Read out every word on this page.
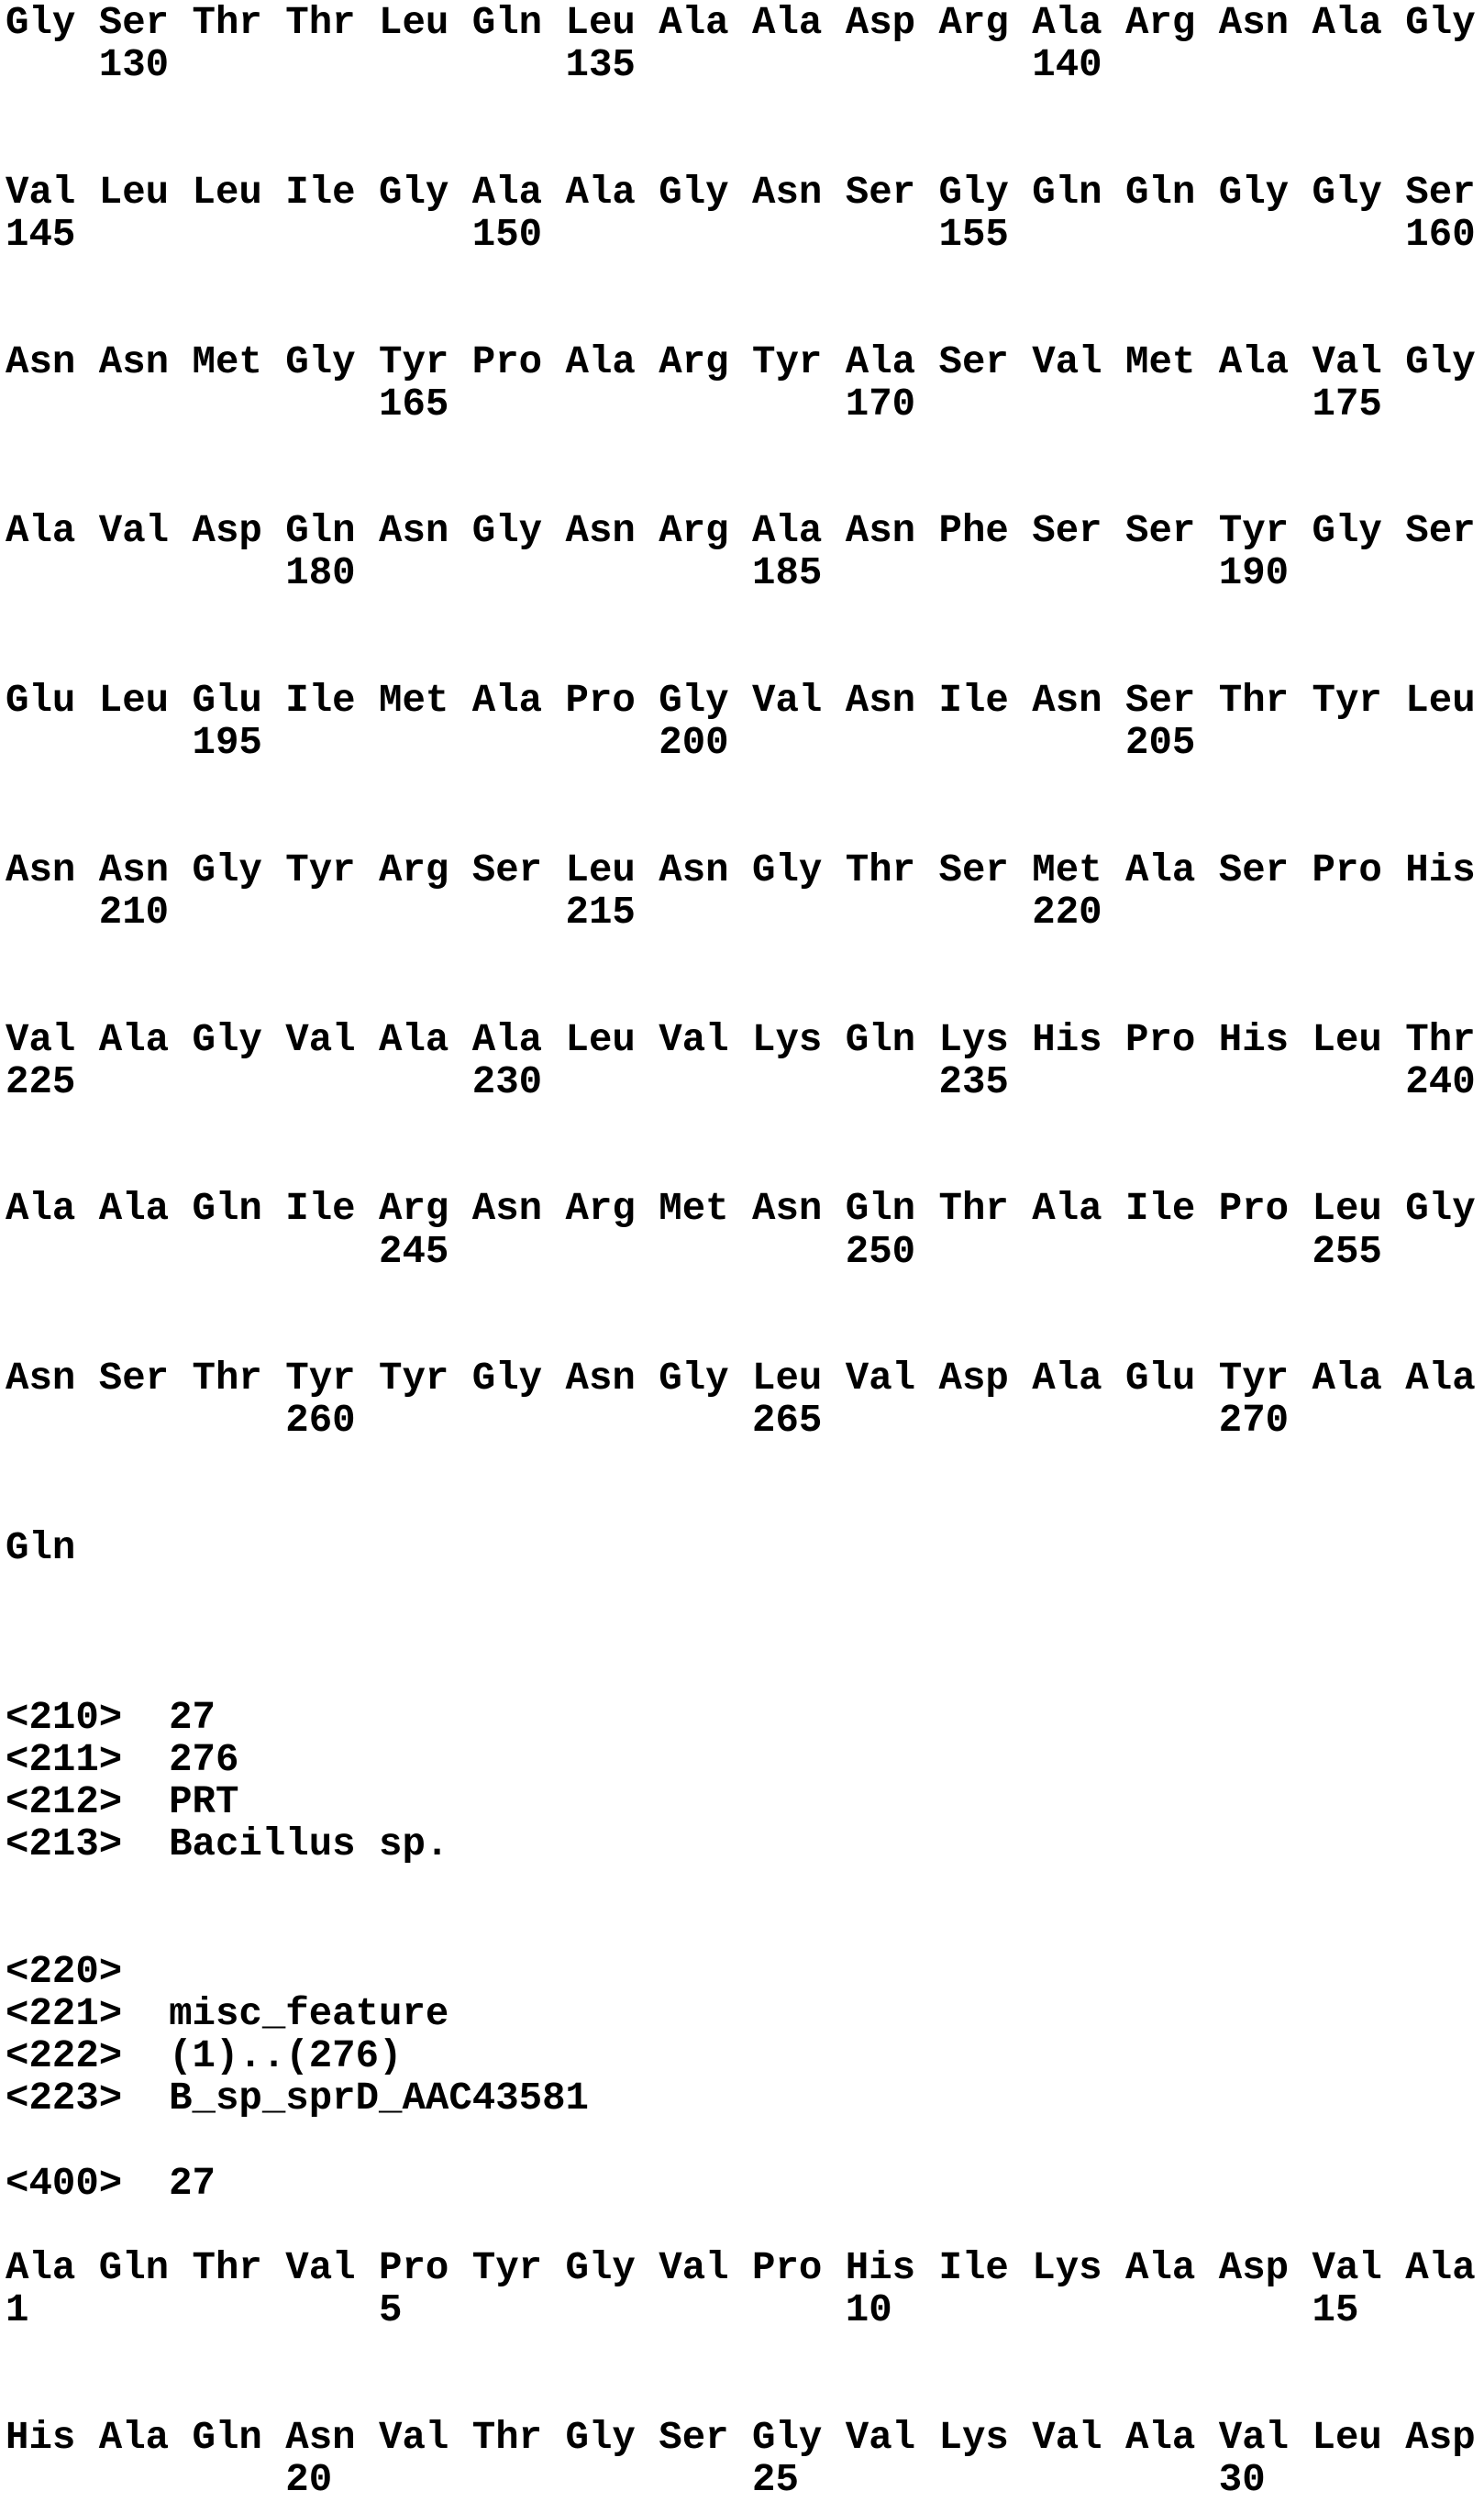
Gly Ser Thr Thr Leu Gln Leu Ala Ala Asp Arg Ala Arg Asn Ala Gly
130                 135                 140
Val Leu Leu Ile Gly Ala Ala Gly Asn Ser Gly Gln Gln Gly Gly Ser
145                 150                 155                 160
Asn Asn Met Gly Tyr Pro Ala Arg Tyr Ala Ser Val Met Ala Val Gly
165                 170                 175
Ala Val Asp Gln Asn Gly Asn Arg Ala Asn Phe Ser Ser Tyr Gly Ser
180                 185                 190
Glu Leu Glu Ile Met Ala Pro Gly Val Asn Ile Asn Ser Thr Tyr Leu
195                 200                 205
Asn Asn Gly Tyr Arg Ser Leu Asn Gly Thr Ser Met Ala Ser Pro His
210                 215                 220
Val Ala Gly Val Ala Ala Leu Val Lys Gln Lys His Pro His Leu Thr
225                 230                 235                 240
Ala Ala Gln Ile Arg Asn Arg Met Asn Gln Thr Ala Ile Pro Leu Gly
245                 250                 255
Asn Ser Thr Tyr Tyr Gly Asn Gly Leu Val Asp Ala Glu Tyr Ala Ala
260                 265                 270
Gln
<210> 27
<211> 276
<212> PRT
<213> Bacillus sp.
<220>
<221> misc_feature
<222> (1)..(276)
<223> B_sp_sprD_AAC43581
<400> 27
Ala Gln Thr Val Pro Tyr Gly Val Pro His Ile Lys Ala Asp Val Ala
1               5                   10                  15
His Ala Gln Asn Val Thr Gly Ser Gly Val Lys Val Ala Val Leu Asp
20                  25                  30
